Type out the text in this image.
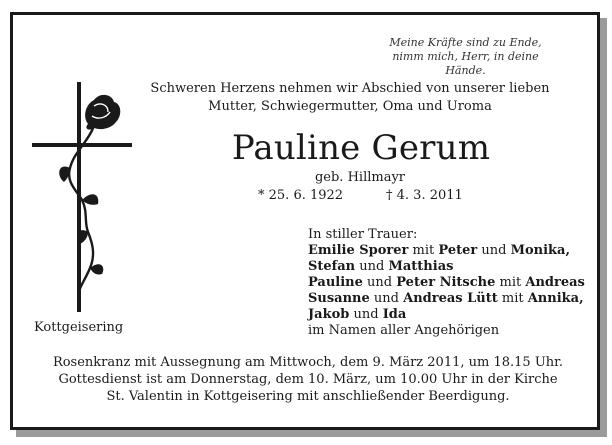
Meine Kräfte sind zu Ende,
nimm mich, Herr, in deine Hände.
Schweren Herzens nehmen wir Abschied von unserer lieben
Mutter, Schwiegermutter, Oma und Uroma
Pauline Gerum
geb. Hillmayr
* 25. 6. 1922	† 4. 3. 2011
In stiller Trauer:
Emilie Sporer mit Peter und Monika,
Stefan und Matthias
Pauline und Peter Nitsche mit Andreas
Susanne und Andreas Lütt mit Annika,
Jakob und Ida
im Namen aller Angehörigen
Kottgeisering
Rosenkranz mit Aussegnung am Mittwoch, dem 9. März 2011, um 18.15 Uhr.
Gottesdienst ist am Donnerstag, dem 10. März, um 10.00 Uhr in der Kirche
St. Valentin in Kottgeisering mit anschließender Beerdigung.
